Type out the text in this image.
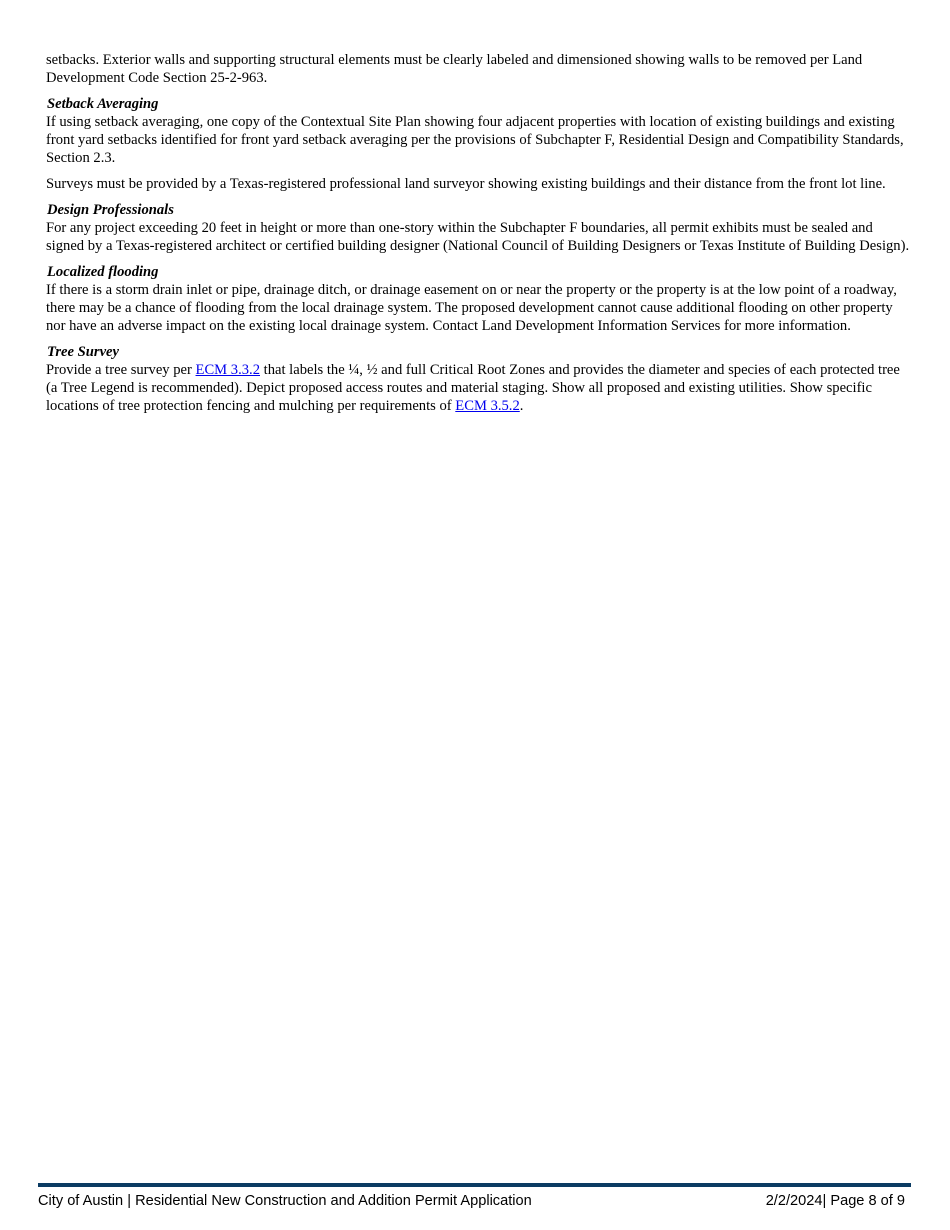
setbacks. Exterior walls and supporting structural elements must be clearly labeled and dimensioned showing walls to be removed per Land Development Code Section 25-2-963.

Setback Averaging

If using setback averaging, one copy of the Contextual Site Plan showing four adjacent properties with location of existing buildings and existing front yard setbacks identified for front yard setback averaging per the provisions of Subchapter F, Residential Design and Compatibility Standards, Section 2.3.

Surveys must be provided by a Texas-registered professional land surveyor showing existing buildings and their distance from the front lot line.

Design Professionals

For any project exceeding 20 feet in height or more than one-story within the Subchapter F boundaries, all permit exhibits must be sealed and signed by a Texas-registered architect or certified building designer (National Council of Building Designers or Texas Institute of Building Design).

Localized flooding

If there is a storm drain inlet or pipe, drainage ditch, or drainage easement on or near the property or the property is at the low point of a roadway, there may be a chance of flooding from the local drainage system. The proposed development cannot cause additional flooding on other property nor have an adverse impact on the existing local drainage system. Contact Land Development Information Services for more information.

Tree Survey

Provide a tree survey per ECM 3.3.2 that labels the ¼, ½ and full Critical Root Zones and provides the diameter and species of each protected tree (a Tree Legend is recommended). Depict proposed access routes and material staging. Show all proposed and existing utilities. Show specific locations of tree protection fencing and mulching per requirements of ECM 3.5.2.

City of Austin | Residential New Construction and Addition Permit Application	2/2/2024| Page 8 of 9
